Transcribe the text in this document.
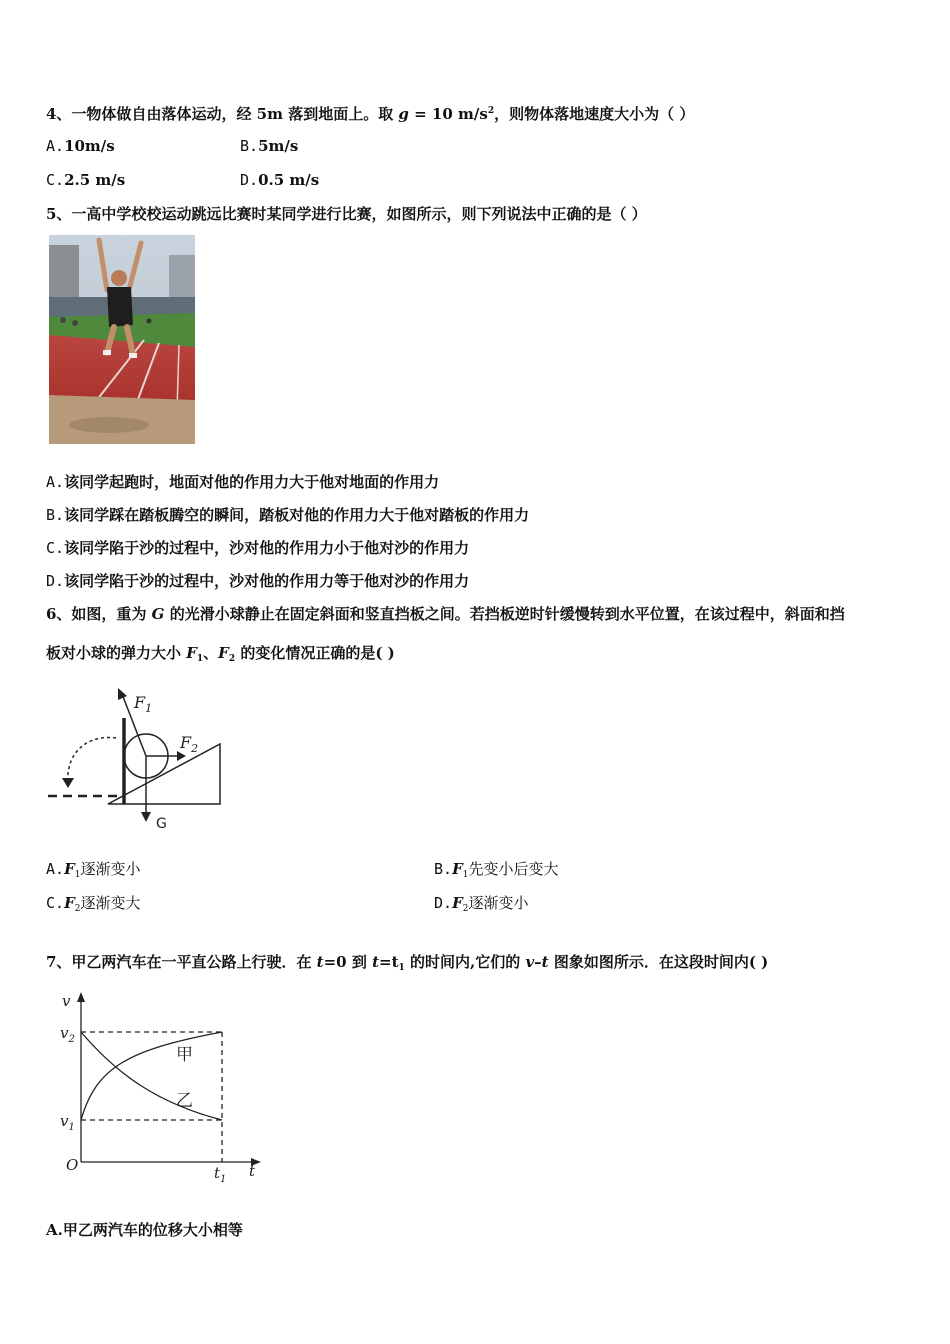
4、一物体做自由落体运动，经 5m 落到地面上。取 g = 10 $m/s^2$，则物体落地速度大小为（ ）
A.10m/s	B.5m/s
C.2.5 m/s	D.0.5 m/s
5、一高中学校校运动跳远比赛时某同学进行比赛，如图所示，则下列说法中正确的是（ ）
A.该同学起跑时，地面对他的作用力大于他对地面的作用力
B.该同学踩在踏板腾空的瞬间，踏板对他的作用力大于他对踏板的作用力
C.该同学陷于沙的过程中，沙对他的作用力小于他对沙的作用力
D.该同学陷于沙的过程中，沙对他的作用力等于他对沙的作用力
6、如图，重为 G 的光滑小球静止在固定斜面和竖直挡板之间。若挡板逆时针缓慢转到水平位置，在该过程中，斜面和挡
板对小球的弹力大小 $F_1$、$F_2$ 的变化情况正确的是( )
$F_1$
$F_2$
G
$A.F_1$逐渐变小	$B.F_1$先变小后变大
$C.F_2$逐渐变大	$D.F_2$逐渐变小
7、甲乙两汽车在一平直公路上行驶．在 t=0 到 $t=t_1$ 的时间内,它们的 v–t 图象如图所示．在这段时间内( )
v
$v_2$
$v_1$
O	$t_1$ t
甲
乙
A.甲乙两汽车的位移大小相等
